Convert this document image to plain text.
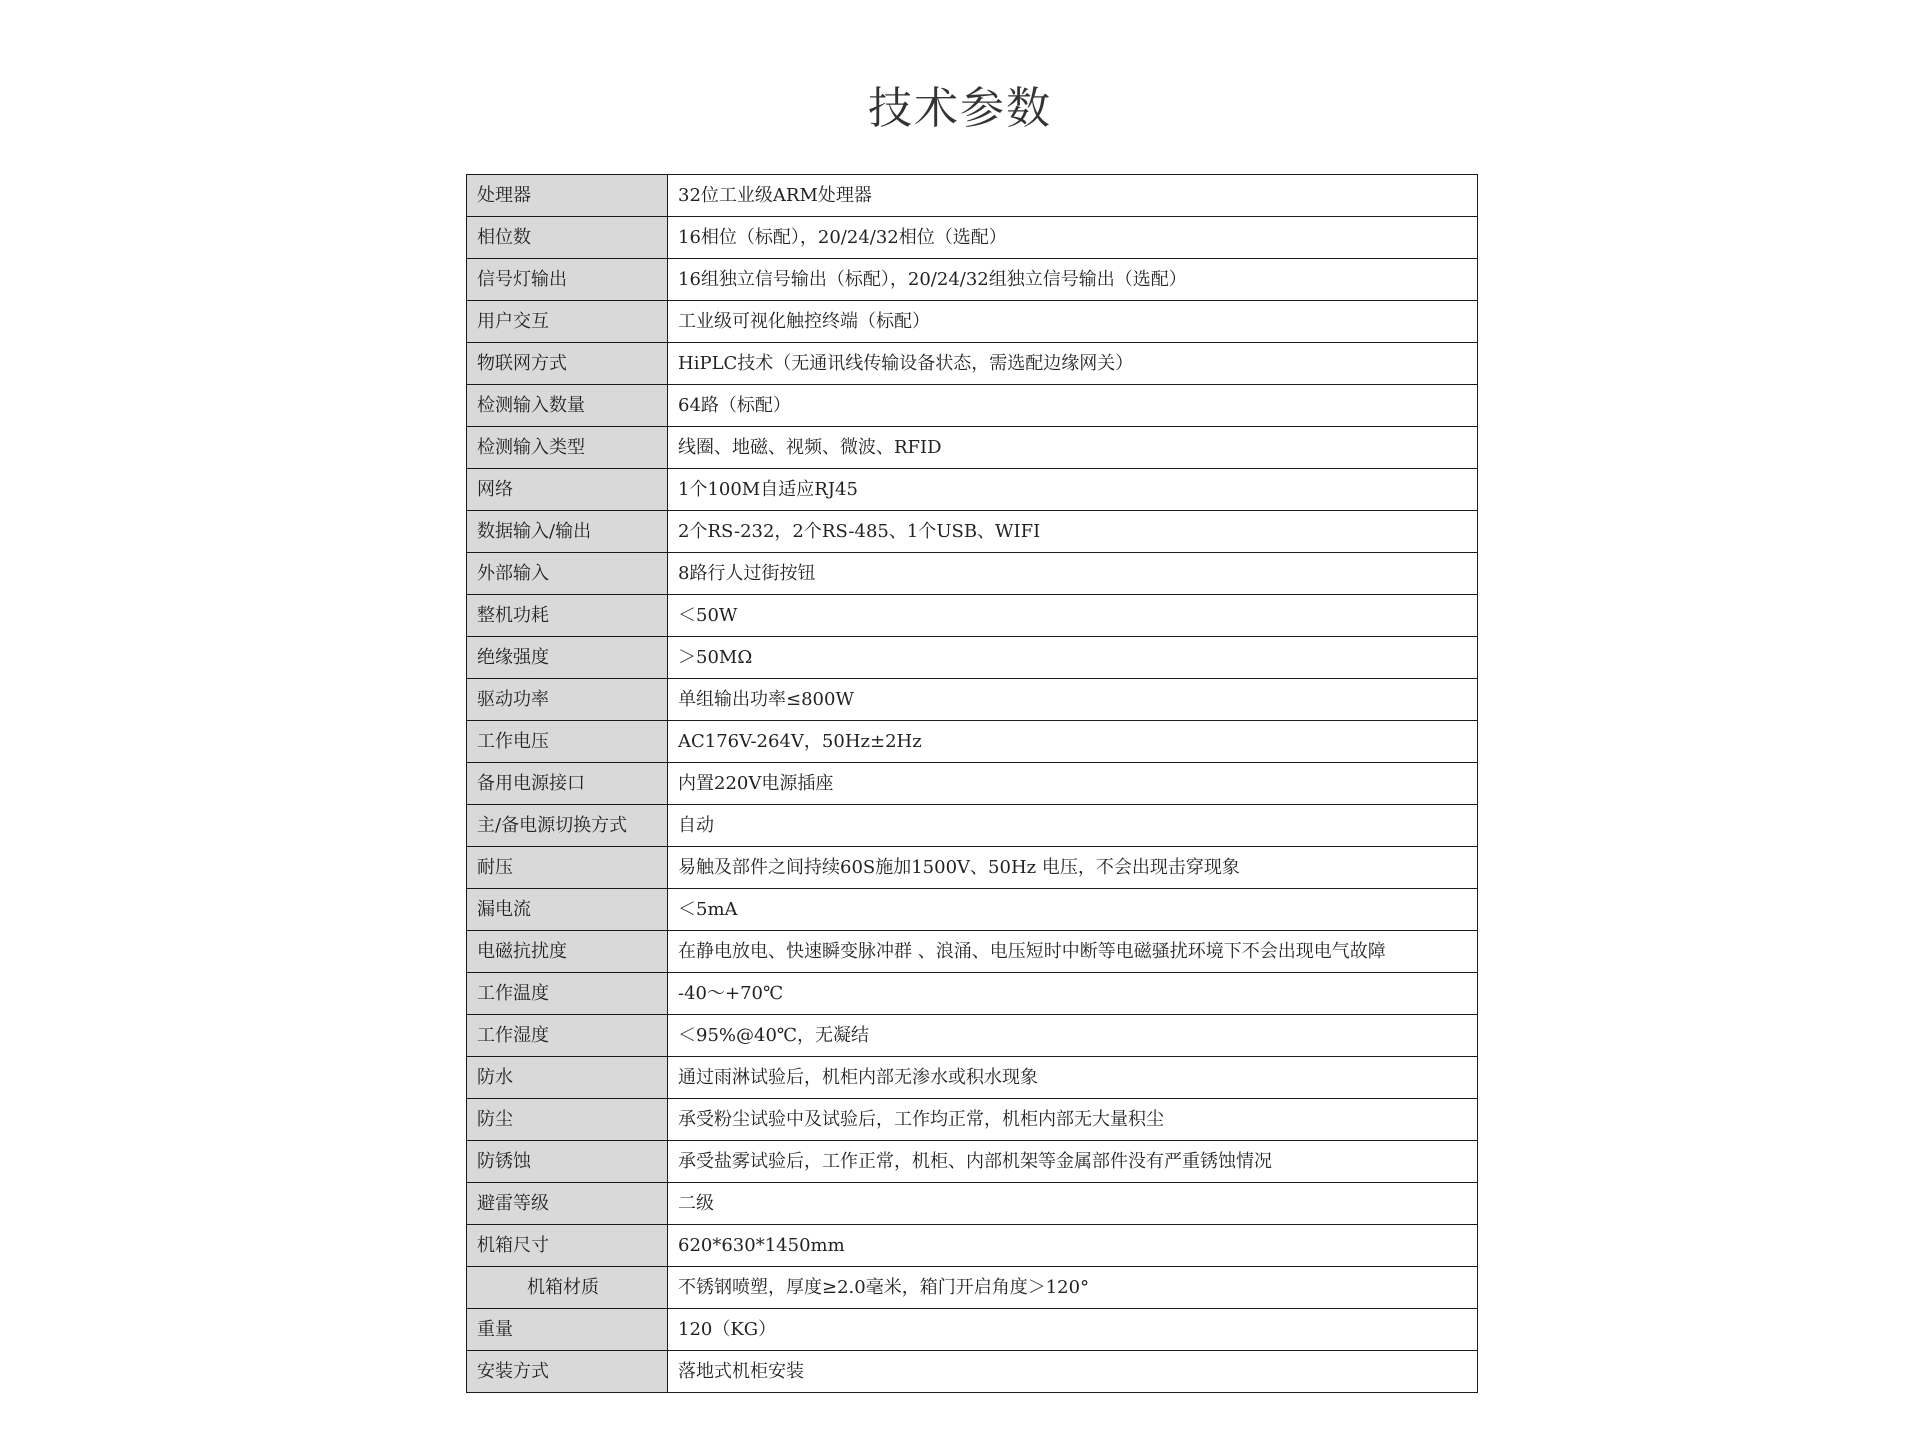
技术参数
处理器	32位工业级ARM处理器
相位数	16相位（标配），20/24/32相位（选配）
信号灯输出	16组独立信号输出（标配），20/24/32组独立信号输出（选配）
用户交互	工业级可视化触控终端（标配）
物联网方式	HiPLC技术（无通讯线传输设备状态，需选配边缘网关）
检测输入数量	64路（标配）
检测输入类型	线圈、地磁、视频、微波、RFID
网络	1个100M自适应RJ45
数据输入/输出	2个RS-232，2个RS-485、1个USB、WIFI
外部输入	8路行人过街按钮
整机功耗	＜50W
绝缘强度	＞50MΩ
驱动功率	单组输出功率≤800W
工作电压	AC176V-264V，50Hz±2Hz
备用电源接口	内置220V电源插座
主/备电源切换方式	自动
耐压	易触及部件之间持续60S施加1500V、50Hz 电压，不会出现击穿现象
漏电流	＜5mA
电磁抗扰度	在静电放电、快速瞬变脉冲群 、浪涌、电压短时中断等电磁骚扰环境下不会出现电气故障
工作温度	-40～+70℃
工作湿度	＜95%@40℃，无凝结
防水	通过雨淋试验后，机柜内部无渗水或积水现象
防尘	承受粉尘试验中及试验后，工作均正常，机柜内部无大量积尘
防锈蚀	承受盐雾试验后，工作正常，机柜、内部机架等金属部件没有严重锈蚀情况
避雷等级	二级
机箱尺寸	620*630*1450mm
机箱材质	不锈钢喷塑，厚度≥2.0毫米，箱门开启角度＞120°
重量	120（KG）
安装方式	落地式机柜安装
